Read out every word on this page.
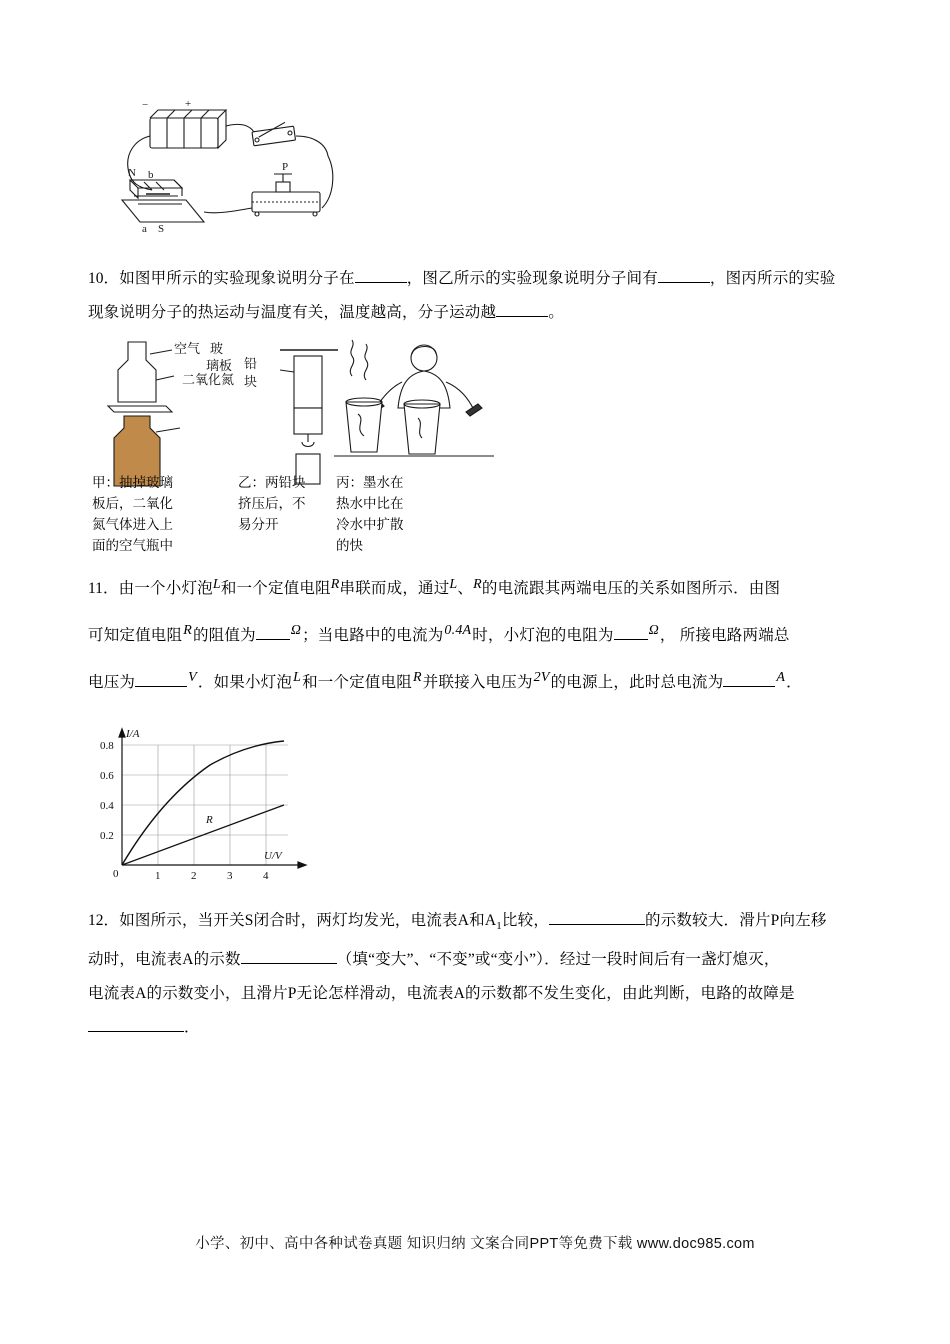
−	+
P
N b
a S
10．如图甲所示的实验现象说明分子在	，图乙所示的实验现象说明分子间有	，图丙所示的实验
现象说明分子的热运动与温度有关，温度越高，分子运动越	。
空气 玻
璃板
二氧化氮
铅
块
甲：抽掉玻璃板后，二氧化氮气体进入上面的空气瓶中
乙：两铅块挤压后，不易分开
丙：墨水在热水中比在冷水中扩散的快
11．由一个小灯泡L和一个定值电阻R串联而成，通过L、R的电流跟其两端电压的关系如图所示．由图
可知定值电阻R的阻值为	Ω；当电路中的电流为0.4A时，小灯泡的电阻为	Ω， 所接电路两端总
电压为	V．如果小灯泡L和一个定值电阻R并联接入电压为2V的电源上，此时总电流为	A．
I/A
U/V
0.8
0.6
0.4
0.2
0	1	2	3	4
R
12．如图所示，当开关S闭合时，两灯均发光，电流表A和$A_1$比较，	的示数较大．滑片P向左移
动时，电流表A的示数	（填“变大”、“不变”或“变小”）．经过一段时间后有一盏灯熄灭，
电流表A的示数变小，且滑片P无论怎样滑动，电流表A的示数都不发生变化，由此判断，电路的故障是
．
小学、初中、高中各种试卷真题 知识归纳 文案合同PPT等免费下载 www.doc985.com
